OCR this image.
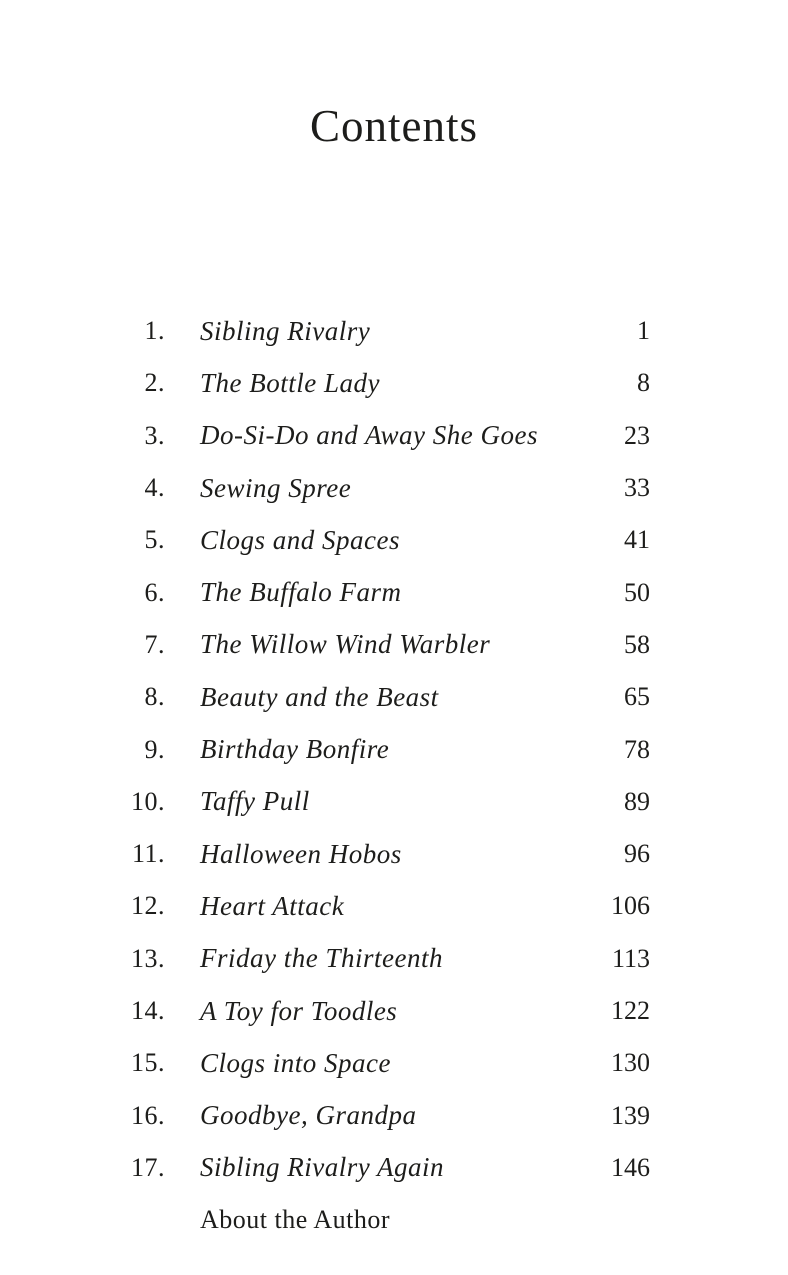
Contents
1.	Sibling Rivalry	1
2.	The Bottle Lady	8
3.	Do-Si-Do and Away She Goes	23
4.	Sewing Spree	33
5.	Clogs and Spaces	41
6.	The Buffalo Farm	50
7.	The Willow Wind Warbler	58
8.	Beauty and the Beast	65
9.	Birthday Bonfire	78
10.	Taffy Pull	89
11.	Halloween Hobos	96
12.	Heart Attack	106
13.	Friday the Thirteenth	113
14.	A Toy for Toodles	122
15.	Clogs into Space	130
16.	Goodbye, Grandpa	139
17.	Sibling Rivalry Again	146
About the Author
